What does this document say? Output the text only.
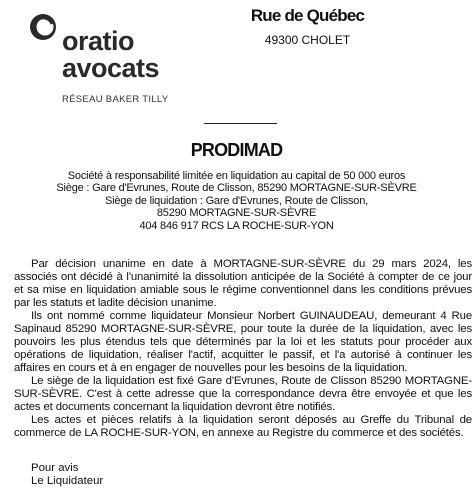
oratio
avocats
RÉSEAU BAKER TILLY
Rue de Québec
49300 CHOLET
PRODIMAD
Société à responsabilité limitée en liquidation au capital de 50 000 euros
Siège : Gare d'Evrunes, Route de Clisson, 85290 MORTAGNE-SUR-SÈVRE
Siège de liquidation : Gare d'Evrunes, Route de Clisson,
85290 MORTAGNE-SUR-SÈVRE
404 846 917 RCS LA ROCHE-SUR-YON

Par décision unanime en date à MORTAGNE-SUR-SÈVRE du 29 mars 2024, les associés ont décidé à l'unanimité la dissolution anticipée de la Société à compter de ce jour et sa mise en liquidation amiable sous le régime conventionnel dans les conditions prévues par les statuts et ladite décision unanime.

Ils ont nommé comme liquidateur Monsieur Norbert GUINAUDEAU, demeurant 4 Rue Sapinaud 85290 MORTAGNE-SUR-SÈVRE, pour toute la durée de la liquidation, avec les pouvoirs les plus étendus tels que déterminés par la loi et les statuts pour procéder aux opérations de liquidation, réaliser l'actif, acquitter le passif, et l'a autorisé à continuer les affaires en cours et à en engager de nouvelles pour les besoins de la liquidation.

Le siège de la liquidation est fixé Gare d'Evrunes, Route de Clisson 85290 MORTAGNE-SUR-SÈVRE. C'est à cette adresse que la correspondance devra être envoyée et que les actes et documents concernant la liquidation devront être notifiés.

Les actes et pièces relatifs à la liquidation seront déposés au Greffe du Tribunal de commerce de LA ROCHE-SUR-YON, en annexe au Registre du commerce et des sociétés.

Pour avis
Le Liquidateur
